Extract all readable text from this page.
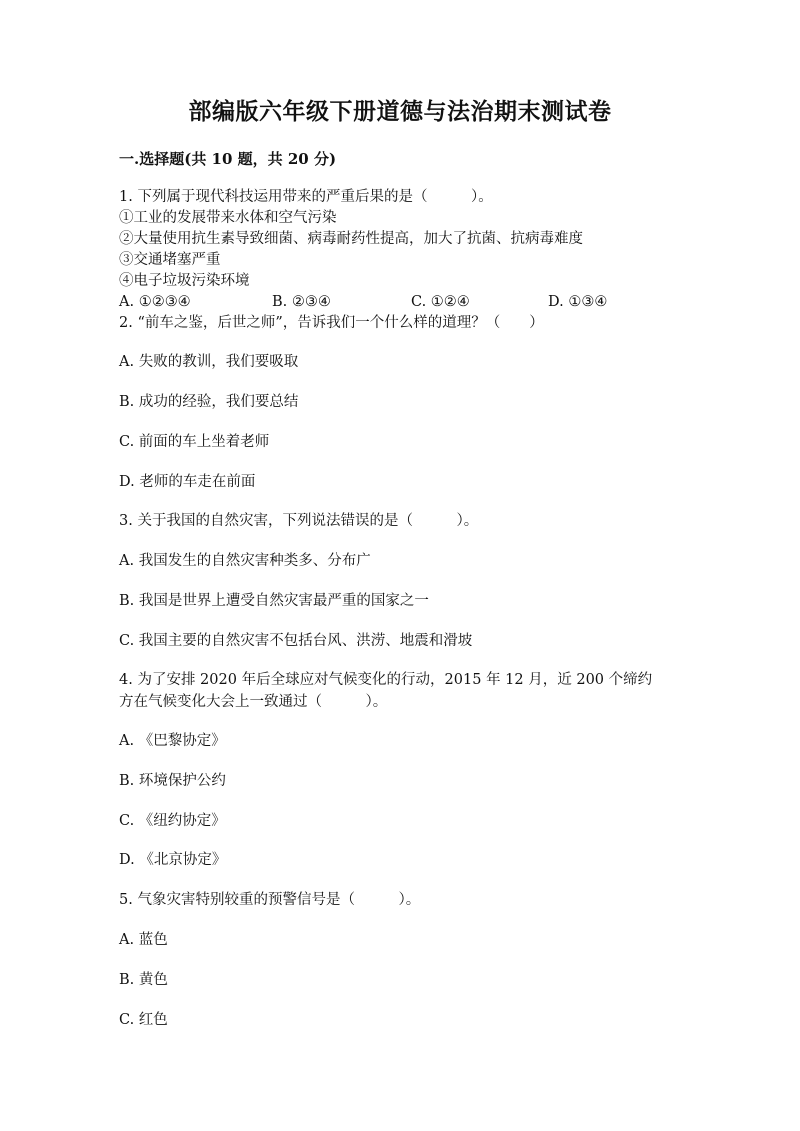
部编版六年级下册道德与法治期末测试卷
一.选择题(共 10 题，共 20 分)
1. 下列属于现代科技运用带来的严重后果的是（　　　）。
①工业的发展带来水体和空气污染
②大量使用抗生素导致细菌、病毒耐药性提高，加大了抗菌、抗病毒难度
③交通堵塞严重
④电子垃圾污染环境
A. ①②③④	B. ②③④	C. ①②④	D. ①③④
2. “前车之鉴，后世之师”，告诉我们一个什么样的道理？（　　）
A. 失败的教训，我们要吸取
B. 成功的经验，我们要总结
C. 前面的车上坐着老师
D. 老师的车走在前面
3. 关于我国的自然灾害，下列说法错误的是（　　　）。
A. 我国发生的自然灾害种类多、分布广
B. 我国是世界上遭受自然灾害最严重的国家之一
C. 我国主要的自然灾害不包括台风、洪涝、地震和滑坡
4. 为了安排 2020 年后全球应对气候变化的行动，2015 年 12 月，近 200 个缔约
方在气候变化大会上一致通过（　　　）。
A. 《巴黎协定》
B. 环境保护公约
C. 《纽约协定》
D. 《北京协定》
5. 气象灾害特别较重的预警信号是（　　　）。
A. 蓝色
B. 黄色
C. 红色
